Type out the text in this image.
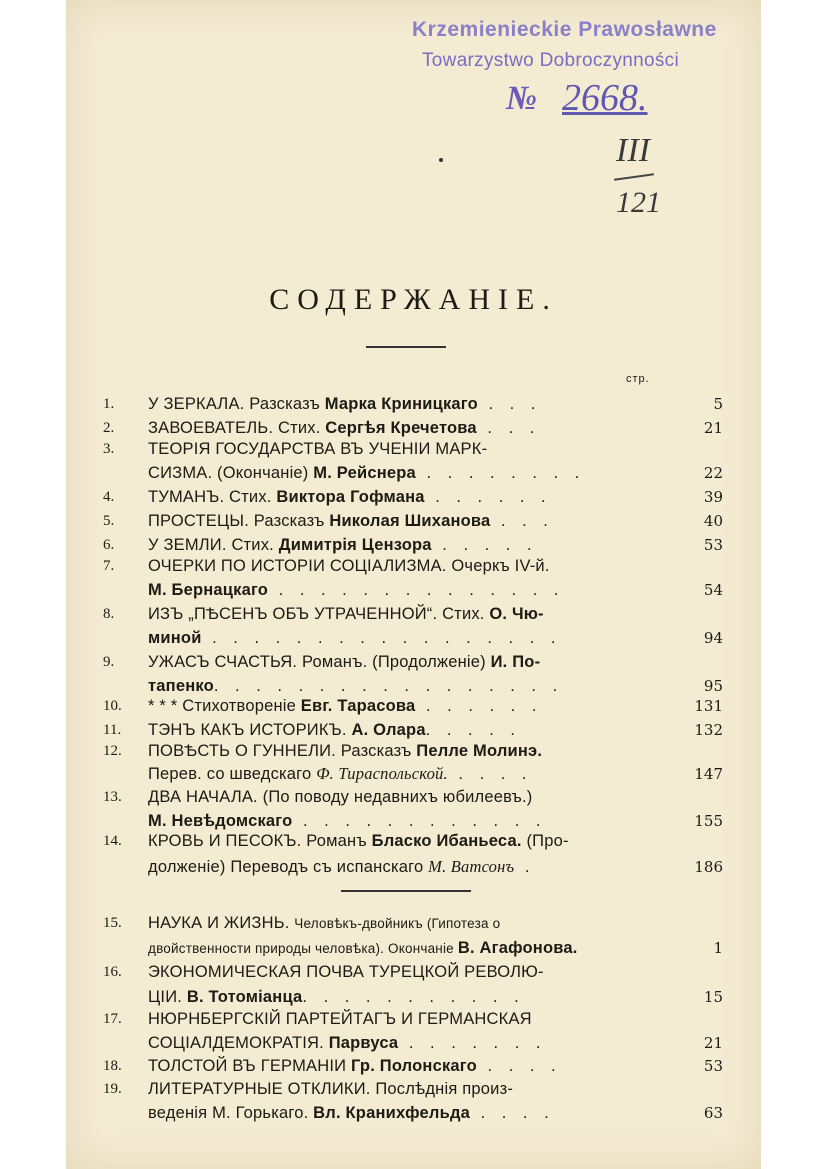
Krzemienieckie Prawosławne
Towarzystwo Dobroczynności
№ 2668.
III
121
СОДЕРЖАНІЕ.
стр.
1.	У ЗЕРКАЛА. Разсказъ Марка Криницкаго . . .	5
2.	ЗАВОЕВАТЕЛЬ. Стих. Сергѣя Кречетова . . .	21
3.	ТЕОРІЯ ГОСУДАРСТВА ВЪ УЧЕНІИ МАРК-
СИЗМА. (Окончаніе) М. Рейснера . . . . . . . .	22
4.	ТУМАНЪ. Стих. Виктора Гофмана . . . . . .	39
5.	ПРОСТЕЦЫ. Разсказъ Николая Шиханова . . .	40
6.	У ЗЕМЛИ. Стих. Димитрія Цензора . . . . .	53
7.	ОЧЕРКИ ПО ИСТОРІИ СОЦІАЛИЗМА. Очеркъ IV-й.
М. Бернацкаго . . . . . . . . . . . . . .	54
8.	ИЗЪ „ПѢСЕНЪ ОБЪ УТРАЧЕННОЙ“. Стих. О. Чю-
миной . . . . . . . . . . . . . . . . .	94
9.	УЖАСЪ СЧАСТЬЯ. Романъ. (Продолженіе) И. По-
тапенко. . . . . . . . . . . . . . . . .	95
10.	* * * Стихотвореніе Евг. Тарасова . . . . . .	131
11.	ТЭНЪ КАКЪ ИСТОРИКЪ. А. Олара. . . . .	132
12.	ПОВѢСТЬ О ГУННЕЛИ. Разсказъ Пелле Молинэ.
Перев. со шведскаго Ф. Тираспольской. . . . .	147
13.	ДВА НАЧАЛА. (По поводу недавнихъ юбилеевъ.)
М. Невѣдомскаго . . . . . . . . . . . .	155
14.	КРОВЬ И ПЕСОКЪ. Романъ Бласко Ибаньеса. (Про-
долженіе) Переводъ съ испанскаго М. Ватсонъ .	186
15.	НАУКА И ЖИЗНЬ. Человѣкъ-двойникъ (Гипотеза о
двойственности природы человѣка). Окончаніе В. Агафонова.	1
16.	ЭКОНОМИЧЕСКАЯ ПОЧВА ТУРЕЦКОЙ РЕВОЛЮ-
ЦІИ. В. Тотоміанца. . . . . . . . . . .	15
17.	НЮРНБЕРГСКІЙ ПАРТЕЙТАГЪ И ГЕРМАНСКАЯ
СОЦІАЛДЕМОКРАТІЯ. Парвуса . . . . . . .	21
18.	ТОЛСТОЙ ВЪ ГЕРМАНІИ Гр. Полонскаго . . . .	53
19.	ЛИТЕРАТУРНЫЕ ОТКЛИКИ. Послѣднія произ-
веденія М. Горькаго. Вл. Кранихфельда . . . .	63
